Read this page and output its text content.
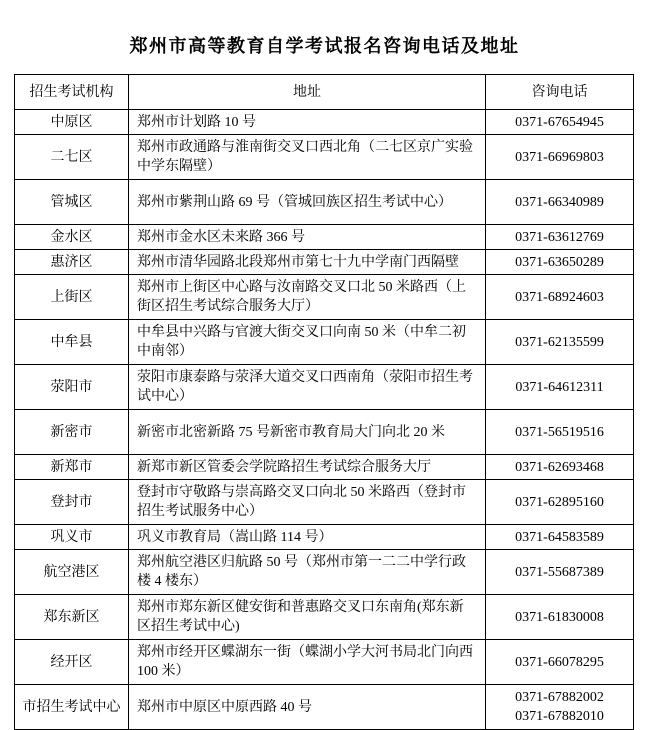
郑州市高等教育自学考试报名咨询电话及地址
招生考试机构	地址	咨询电话
中原区	郑州市计划路 10 号	0371-67654945

二七区	郑州市政通路与淮南街交叉口西北角（二七区京广实验中学东隔壁）	0371-66969803

管城区	郑州市紫荆山路 69 号（管城回族区招生考试中心）	0371-66340989

金水区	郑州市金水区未来路 366 号	0371-63612769

惠济区	郑州市清华园路北段郑州市第七十九中学南门西隔壁	0371-63650289

上街区	郑州市上街区中心路与汝南路交叉口北 50 米路西（上街区招生考试综合服务大厅）	0371-68924603

中牟县	中牟县中兴路与官渡大街交叉口向南 50 米（中牟二初中南邻）	0371-62135599

荥阳市	荥阳市康泰路与荥泽大道交叉口西南角（荥阳市招生考试中心）	0371-64612311

新密市	新密市北密新路 75 号新密市教育局大门向北 20 米	0371-56519516

新郑市	新郑市新区管委会学院路招生考试综合服务大厅	0371-62693468

登封市	登封市守敬路与崇高路交叉口向北 50 米路西（登封市招生考试服务中心）	0371-62895160

巩义市	巩义市教育局（嵩山路 114 号）	0371-64583589

航空港区	郑州航空港区归航路 50 号（郑州市第一二二中学行政楼 4 楼东）	0371-55687389

郑东新区	郑州市郑东新区健安街和普惠路交叉口东南角(郑东新区招生考试中心)	0371-61830008

经开区	郑州市经开区蝶湖东一街（蝶湖小学大河书局北门向西 100 米）	0371-66078295

市招生考试中心	郑州市中原区中原西路 40 号	0371-67882002
0371-67882010
